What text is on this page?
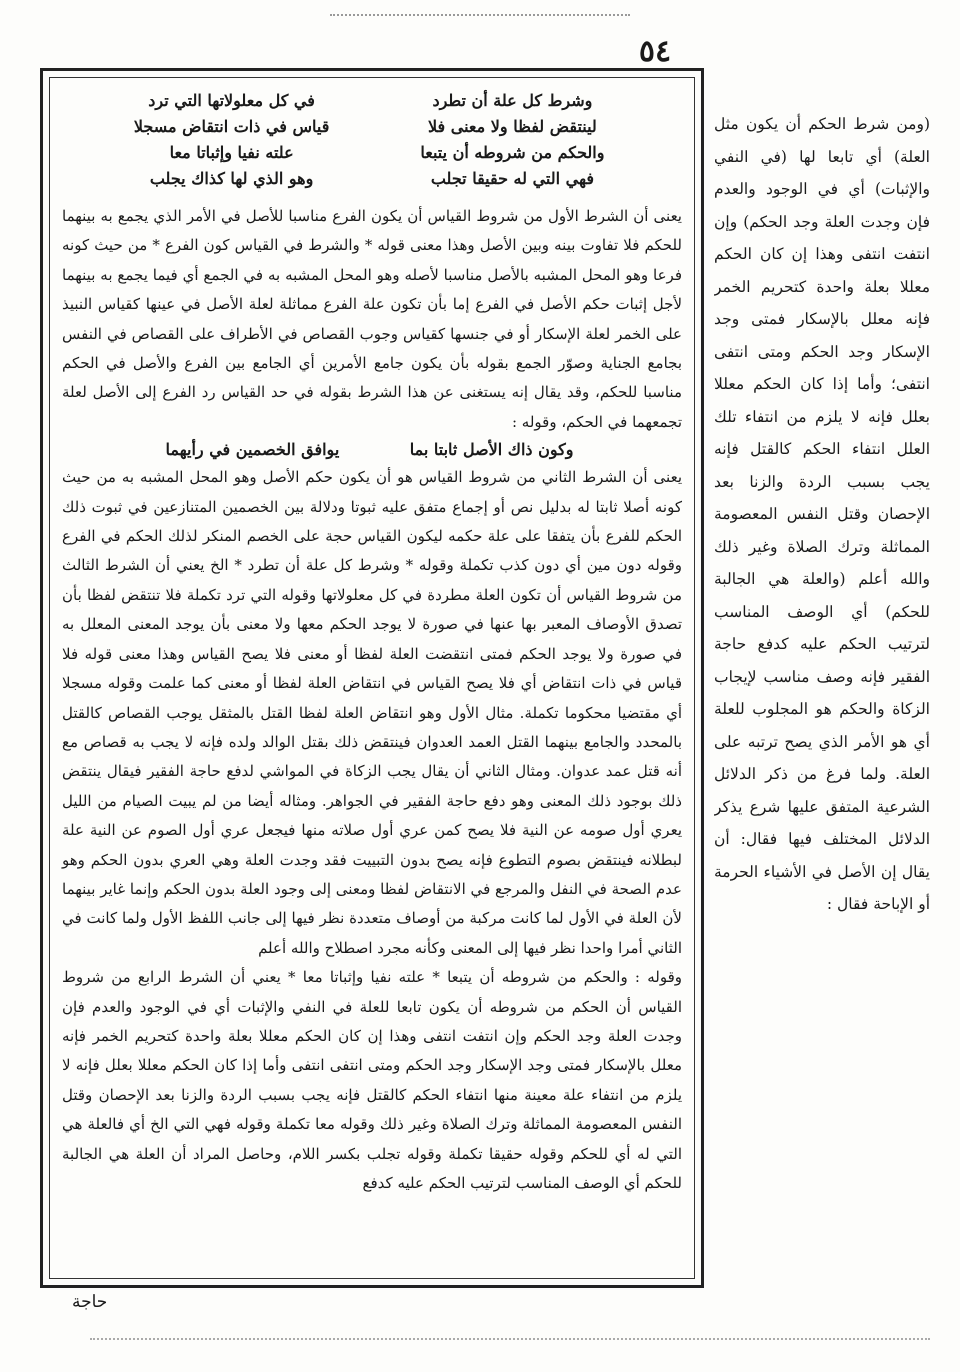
٥٤
وشرط كل علة أن تطرد
في كل معلولاتها التي ترد
لينتقض لفظا ولا معنى فلا
قياس في ذات انتقاض مسجلا
والحكم من شروطه أن يتبعا
علته نفيا وإثباتا معا
فهي التي له حقيقا تجلب
وهو الذي لها كذاك يجلب

يعنى أن الشرط الأول من شروط القياس أن يكون الفرع مناسبا للأصل في الأمر الذي يجمع به بينهما للحكم فلا تفاوت بينه وبين الأصل وهذا معنى قوله * والشرط في القياس كون الفرع * من حيث كونه فرعا وهو المحل المشبه بالأصل مناسبا لأصله وهو المحل المشبه به في الجمع أي فيما يجمع به بينهما لأجل إثبات حكم الأصل في الفرع إما بأن تكون علة الفرع مماثلة لعلة الأصل في عينها كقياس النبيذ على الخمر لعلة الإسكار أو في جنسها كقياس وجوب القصاص في الأطراف على القصاص في النفس بجامع الجناية وصوّر الجمع بقوله بأن يكون جامع الأمرين أي الجامع بين الفرع والأصل في الحكم مناسبا للحكم، وقد يقال إنه يستغنى عن هذا الشرط بقوله في حد القياس رد الفرع إلى الأصل لعلة تجمعهما في الحكم، وقوله :

وكون ذاك الأصل ثابتا بما
يوافق الخصمين في رأيهما

يعنى أن الشرط الثاني من شروط القياس هو أن يكون حكم الأصل وهو المحل المشبه به من حيث كونه أصلا ثابتا له بدليل نص أو إجماع متفق عليه ثبوتا ودلالة بين الخصمين المتنازعين في ثبوت ذلك الحكم للفرع بأن يتفقا على علة حكمه ليكون القياس حجة على الخصم المنكر لذلك الحكم في الفرع وقوله دون مين أي دون كذب تكملة وقوله * وشرط كل علة أن تطرد * الخ يعني أن الشرط الثالث من شروط القياس أن تكون العلة مطردة في كل معلولاتها وقوله التي ترد تكملة فلا تنتقض لفظا بأن تصدق الأوصاف المعبر بها عنها في صورة لا يوجد الحكم معها ولا معنى بأن يوجد المعنى المعلل به في صورة ولا يوجد الحكم فمتى انتقضت العلة لفظا أو معنى فلا يصح القياس وهذا معنى قوله فلا قياس في ذات انتقاض أي فلا يصح القياس في انتقاض العلة لفظا أو معنى كما علمت وقوله مسجلا أي مقتضيا محكوما تكملة. مثال الأول وهو انتقاض العلة لفظا القتل بالمثقل يوجب القصاص كالقتل بالمحدد والجامع بينهما القتل العمد العدوان فينتقض ذلك بقتل الوالد ولده فإنه لا يجب به قصاص مع أنه قتل عمد عدوان. ومثال الثاني أن يقال يجب الزكاة في المواشي لدفع حاجة الفقير فيقال ينتقض ذلك بوجود ذلك المعنى وهو دفع حاجة الفقير في الجواهر. ومثاله أيضا من لم يبيت الصيام من الليل يعري أول صومه عن النية فلا يصح كمن عري أول صلاته منها فيجعل عري أول الصوم عن النية علة لبطلانه فينتقض بصوم التطوع فإنه يصح بدون التبييت فقد وجدت العلة وهي العري بدون الحكم وهو عدم الصحة في النفل والمرجع في الانتقاض لفظا ومعنى إلى وجود العلة بدون الحكم وإنما غاير بينهما لأن العلة في الأول لما كانت مركبة من أوصاف متعددة نظر فيها إلى جانب اللفظ الأول ولما كانت في الثاني أمرا واحدا نظر فيها إلى المعنى وكأنه مجرد اصطلاح والله أعلم

وقوله : والحكم من شروطه أن يتبعا * علته نفيا وإثباتا معا * يعني أن الشرط الرابع من شروط القياس أن الحكم من شروطه أن يكون تابعا للعلة في النفي والإثبات أي في الوجود والعدم فإن وجدت العلة وجد الحكم وإن انتفت انتفى وهذا إن كان الحكم معللا بعلة واحدة كتحريم الخمر فإنه معلل بالإسكار فمتى وجد الإسكار وجد الحكم ومتى انتفى انتفى وأما إذا كان الحكم معللا بعلل فإنه لا يلزم من انتفاء علة معينة منها انتفاء الحكم كالقتل فإنه يجب بسبب الردة والزنا بعد الإحصان وقتل النفس المعصومة المماثلة وترك الصلاة وغير ذلك وقوله معا تكملة وقوله فهي التي الخ أي فالعلة هي التي له أي للحكم وقوله حقيقا تكملة وقوله تجلب بكسر اللام، وحاصل المراد أن العلة هي الجالبة للحكم أي الوصف المناسب لترتيب الحكم عليه كدفع

(ومن شرط الحكم أن يكون مثل العلة) أي تابعا لها (في النفي والإثبات) أي في الوجود والعدم فإن وجدت العلة وجد الحكم) وإن انتفت انتفى وهذا إن كان الحكم معللا بعلة واحدة كتحريم الخمر فإنه معلل بالإسكار فمتى وجد الإسكار وجد الحكم ومتى انتفى انتفى؛ وأما إذا كان الحكم معللا بعلل فإنه لا يلزم من انتفاء تلك العلل انتفاء الحكم كالقتل فإنه يجب بسبب الردة والزنا بعد الإحصان وقتل النفس المعصومة المماثلة وترك الصلاة وغير ذلك والله أعلم (والعلة هي الجالبة للحكم) أي الوصف المناسب لترتيب الحكم عليه كدفع حاجة الفقير فإنه وصف مناسب لإيجاب الزكاة والحكم هو المجلوب للعلة أي هو الأمر الذي يصح ترتبه على العلة. ولما فرغ من ذكر الدلائل الشرعية المتفق عليها شرع يذكر الدلائل المختلف فيها فقال: أن يقال إن الأصل في الأشياء الحرمة أو الإباحة فقال :

حاجة
